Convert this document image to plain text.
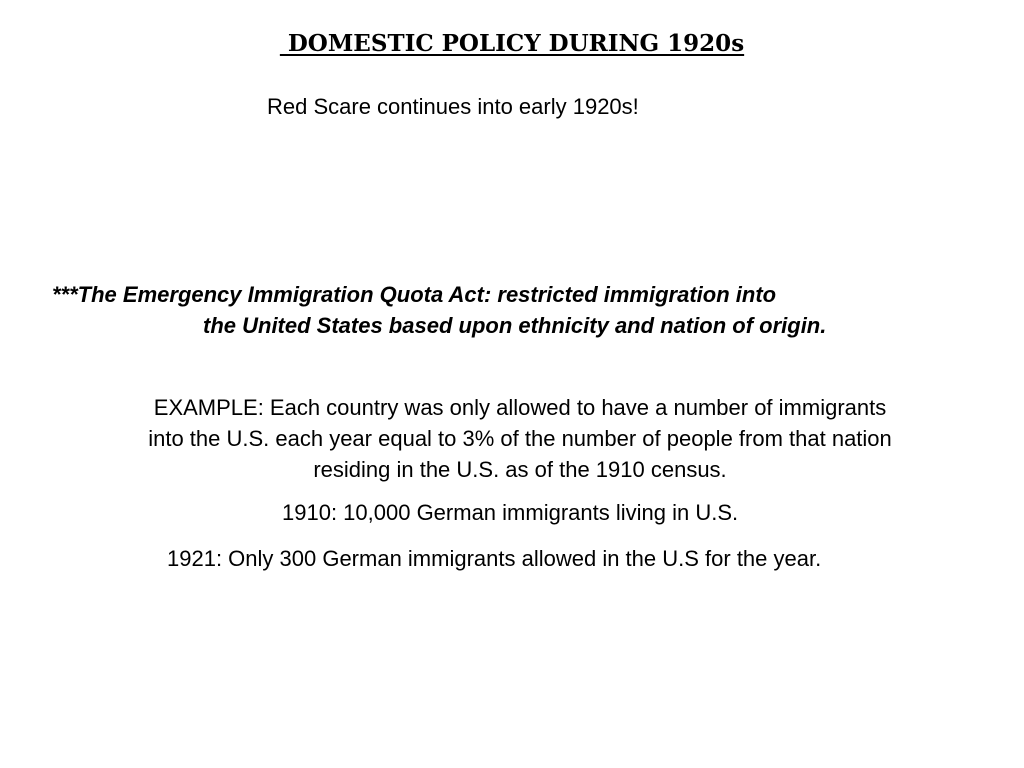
DOMESTIC POLICY DURING 1920s
Red Scare continues into early 1920s!
***The Emergency Immigration Quota Act: restricted immigration into
the United States based upon ethnicity and nation of origin.
EXAMPLE: Each country was only allowed to have a number of immigrants
into the U.S. each year equal to 3% of the number of people from that nation
residing in the U.S. as of the 1910 census.
1910: 10,000 German immigrants living in U.S.
1921: Only 300 German immigrants allowed in the U.S for the year.
